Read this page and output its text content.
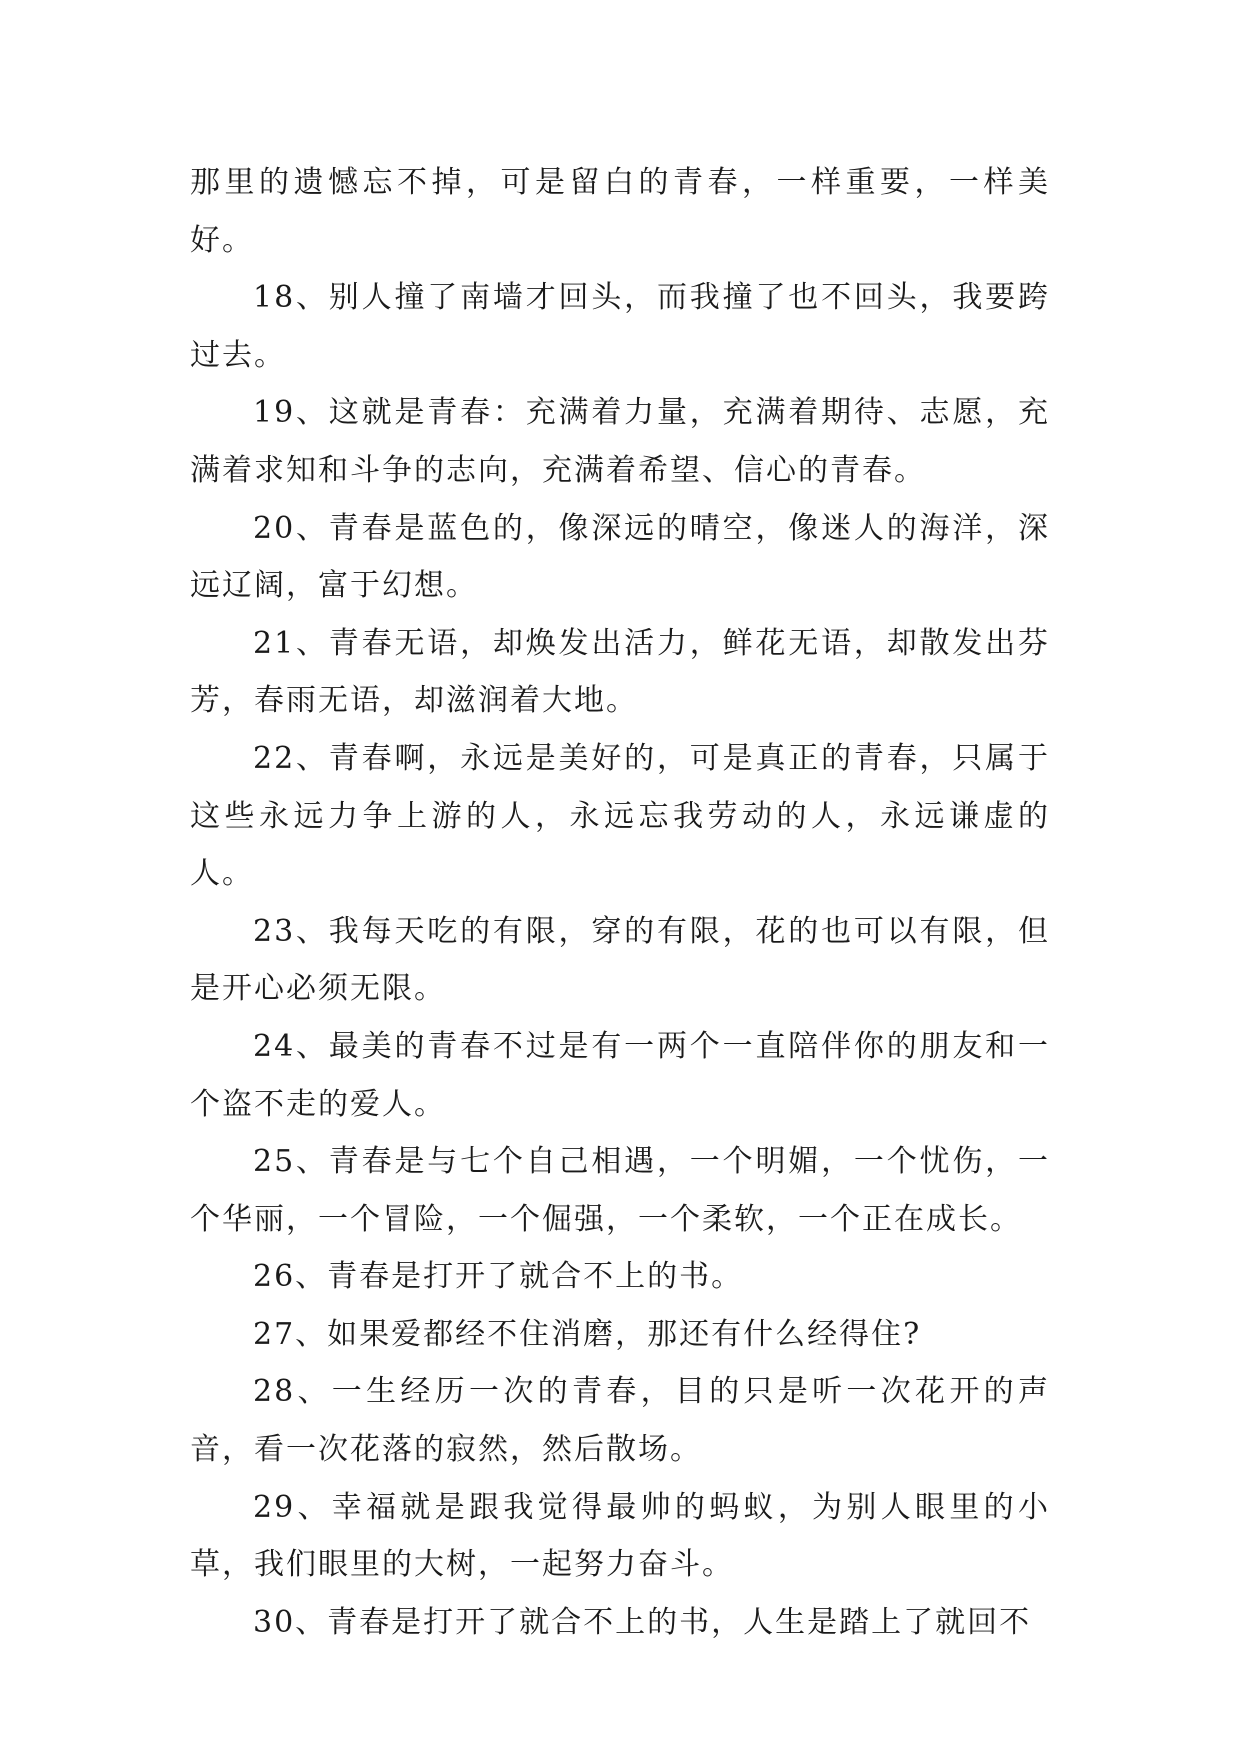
那里的遗憾忘不掉，可是留白的青春，一样重要，一样美好。

18、别人撞了南墙才回头，而我撞了也不回头，我要跨过去。

19、这就是青春：充满着力量，充满着期待、志愿，充满着求知和斗争的志向，充满着希望、信心的青春。

20、青春是蓝色的，像深远的晴空，像迷人的海洋，深远辽阔，富于幻想。

21、青春无语，却焕发出活力，鲜花无语，却散发出芬芳，春雨无语，却滋润着大地。

22、青春啊，永远是美好的，可是真正的青春，只属于这些永远力争上游的人，永远忘我劳动的人，永远谦虚的人。

23、我每天吃的有限，穿的有限，花的也可以有限，但是开心必须无限。

24、最美的青春不过是有一两个一直陪伴你的朋友和一个盗不走的爱人。

25、青春是与七个自己相遇，一个明媚，一个忧伤，一个华丽，一个冒险，一个倔强，一个柔软，一个正在成长。

26、青春是打开了就合不上的书。

27、如果爱都经不住消磨，那还有什么经得住?

28、一生经历一次的青春，目的只是听一次花开的声音，看一次花落的寂然，然后散场。

29、幸福就是跟我觉得最帅的蚂蚁，为别人眼里的小草，我们眼里的大树，一起努力奋斗。

30、青春是打开了就合不上的书，人生是踏上了就回不
